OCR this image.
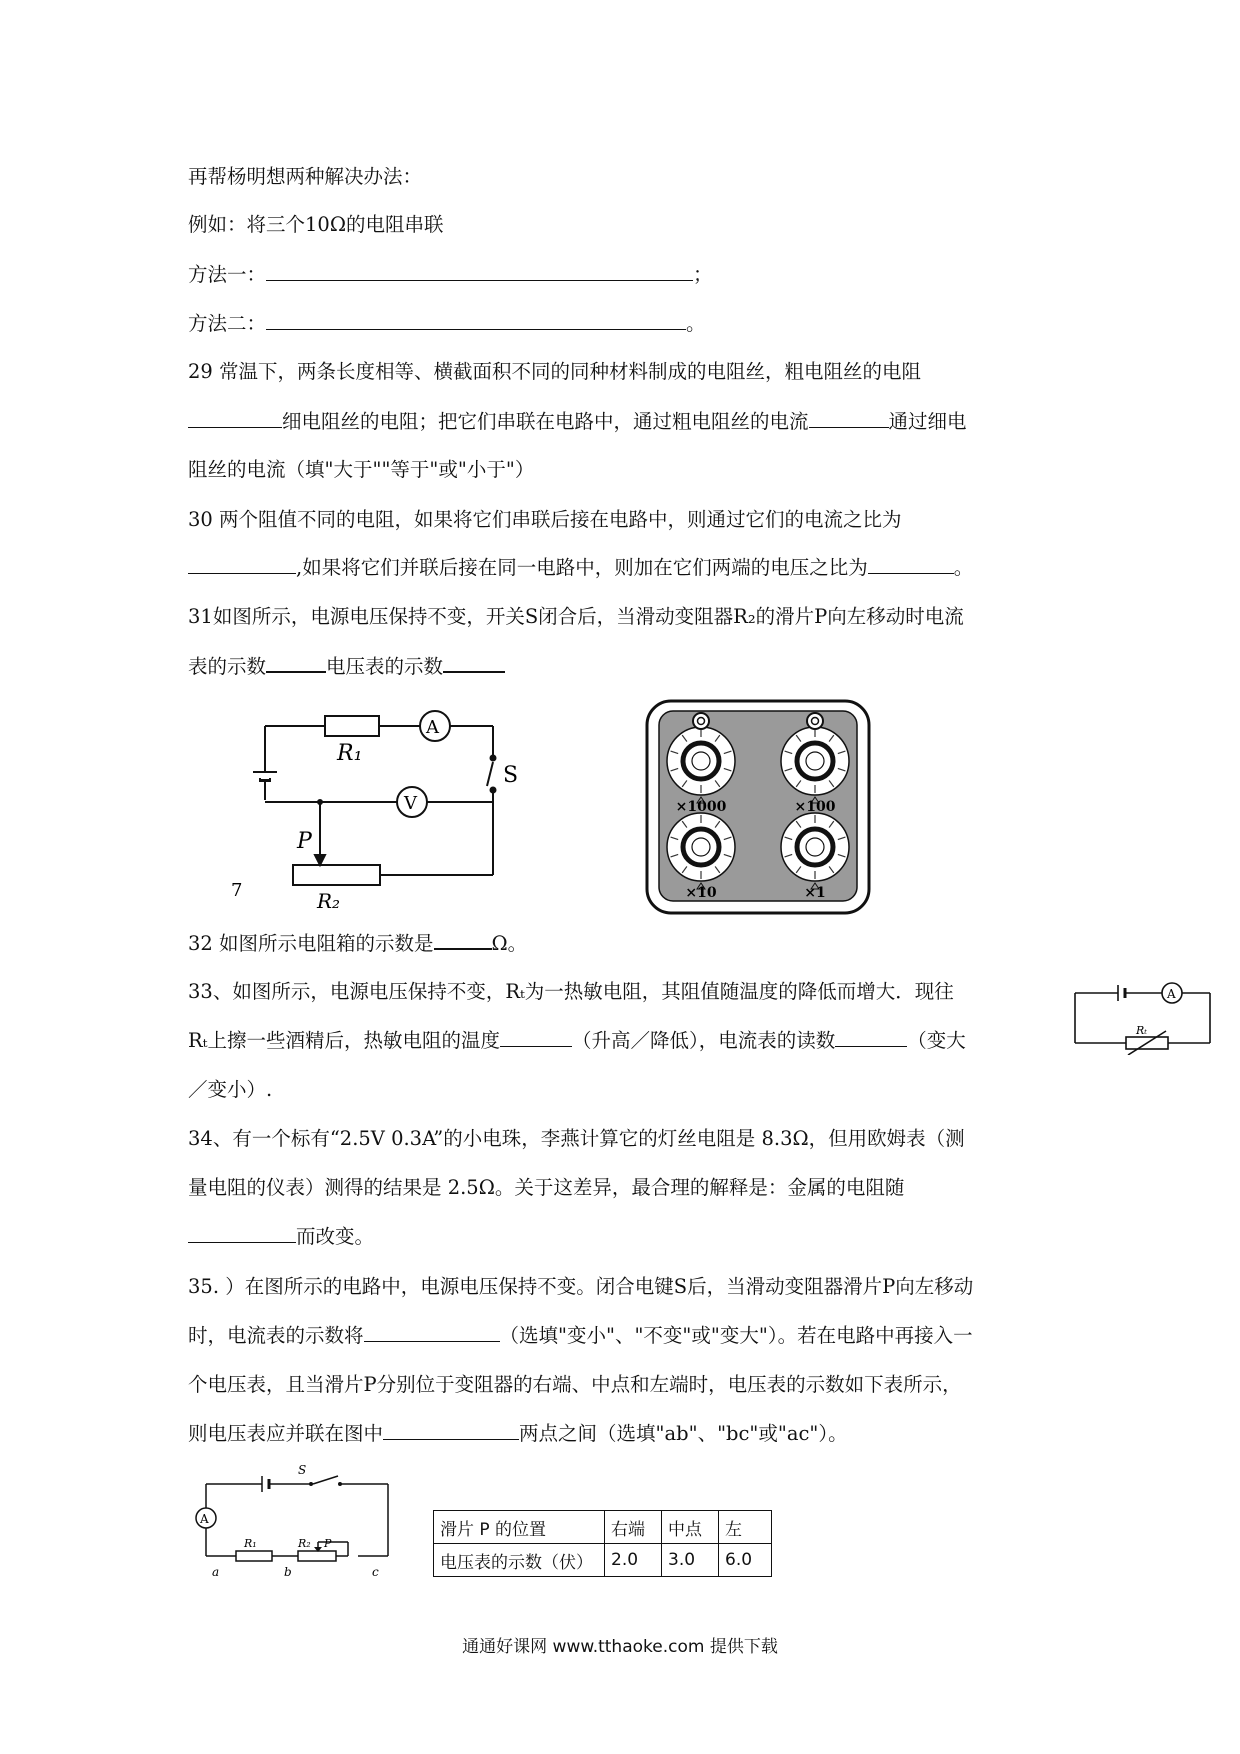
再帮杨明想两种解决办法：
例如：将三个10Ω的电阻串联
方法一：	；
方法二：	。
29 常温下，两条长度相等、横截面积不同的同种材料制成的电阻丝，粗电阻丝的电阻
细电阻丝的电阻；把它们串联在电路中，通过粗电阻丝的电流	通过细电
阻丝的电流（填"大于""等于"或"小于"）
30 两个阻值不同的电阻，如果将它们串联后接在电路中，则通过它们的电流之比为
,如果将它们并联后接在同一电路中，则加在它们两端的电压之比为	。
31如图所示，电源电压保持不变，开关S闭合后，当滑动变阻器R₂的滑片P向左移动时电流
表的示数	电压表的示数
R₁
A
V
S
P
R₂
7
×1000	×100
×10	×1
32 如图所示电阻箱的示数是	Ω。
33、如图所示，电源电压保持不变，Rₜ为一热敏电阻，其阻值随温度的降低而增大．现往
Rₜ上擦一些酒精后，热敏电阻的温度	（升高／降低），电流表的读数	（变大
／变小）.
A
Rₜ
34、有一个标有“2.5V 0.3A”的小电珠，李燕计算它的灯丝电阻是 8.3Ω，但用欧姆表（测
量电阻的仪表）测得的结果是 2.5Ω。关于这差异，最合理的解释是：金属的电阻随
而改变。
35. ）在图所示的电路中，电源电压保持不变。闭合电键S后，当滑动变阻器滑片P向左移动
时，电流表的示数将	（选填"变小"、"不变"或"变大"）。若在电路中再接入一
个电压表，且当滑片P分别位于变阻器的右端、中点和左端时，电压表的示数如下表所示，
则电压表应并联在图中	两点之间（选填"ab"、"bc"或"ac"）。
A
S
R₁	R₂ P
a	b	c
滑片 P 的位置	右端	中点	左
电压表的示数（伏）	2.0	3.0	6.0
通通好课网 www.tthaoke.com 提供下载
